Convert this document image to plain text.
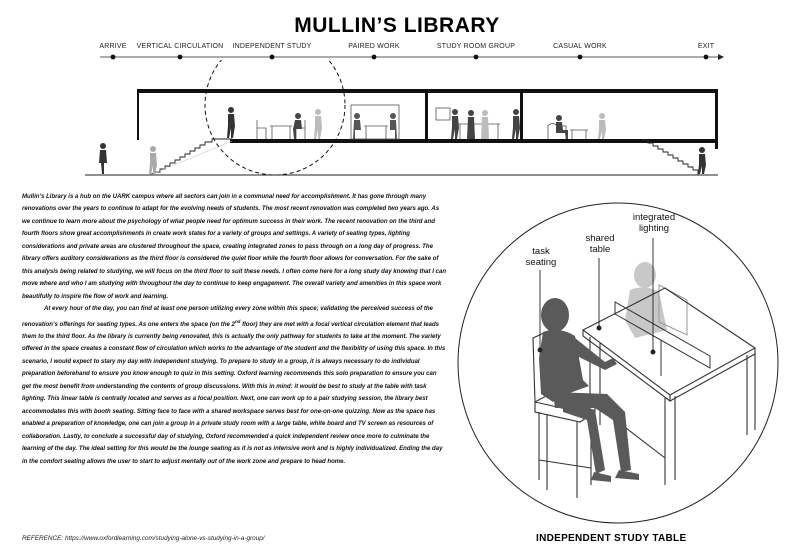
MULLIN’S LIBRARY
ARRIVE VERTICAL CIRCULATION INDEPENDENT STUDY	PAIRED WORK	STUDY ROOM GROUP	CASUAL WORK	EXIT

Mullin’s Library is a hub on the UARK campus where all sectors can join in a communal need for accomplishment. It has gone through many renovations over the years to continue to adapt for the evolving needs of students. The most recent renovation was completed two years ago. As we continue to learn more about the psychology of what people need for optimum success in their work. The recent renovation on the third and fourth floors show great accomplishments in create work states for a variety of groups and settings. A variety of seating types, lighting considerations and private areas are clustered throughout the space, creating integrated zones to pass through on a long day of progress. The library offers auditory considerations as the third floor is considered the quiet floor while the fourth floor allows for conversation. For the sake of this analysis being related to studying, we will focus on the third floor to suit these needs. I often come here for a long study day knowing that I can move where and who I am studying with throughout the day to continue to keep engagement. The overall variety and amenities in this space work beautifully to inspire the flow of work and learning.

At every hour of the day, you can find at least one person utilizing every zone within this space; validating the perceived success of the renovation’s offerings for seating types. As one enters the space (on the 2nd floor) they are met with a focal vertical circulation element that leads them to the third floor. As the library is currently being renovated, this is actually the only pathway for students to take at the moment. The variety offered in the space creates a constant flow of circulation which works to the advantage of the student and the flexibility of using this space. In this scenario, I would expect to stary my day with independent studying. To prepare to study in a group, it is always necessary to do individual preparation beforehand to ensure you know enough to quiz in this setting. Oxford learning recommends this solo preparation to ensure you can get the most benefit from understanding the contents of group discussions. With this in mind: it would be best to study at the table with task lighting. This linear table is centrally located and serves as a focal position. Next, one can work up to a pair studying session, the library best accommodates this with booth seating. Sitting face to face with a shared workspace serves best for one-on-one quizzing. Now as the space has enabled a preparation of knowledge, one can join a group in a private study room with a large table, white board and TV screen as resources of collaboration. Lastly, to conclude a successful day of studying, Oxford recommended a quick independent review once more to culminate the learning of the day. The ideal setting for this would be the lounge seating as it is not as intensive work and is highly individualized. Ending the day in the comfort seating allows the user to start to adjust mentally out of the work zone and prepare to head home.

REFERENCE: https://www.oxfordlearning.com/studying-alone-vs-studying-in-a-group/
task
seating
shared
table
integrated
lighting
INDEPENDENT STUDY TABLE
